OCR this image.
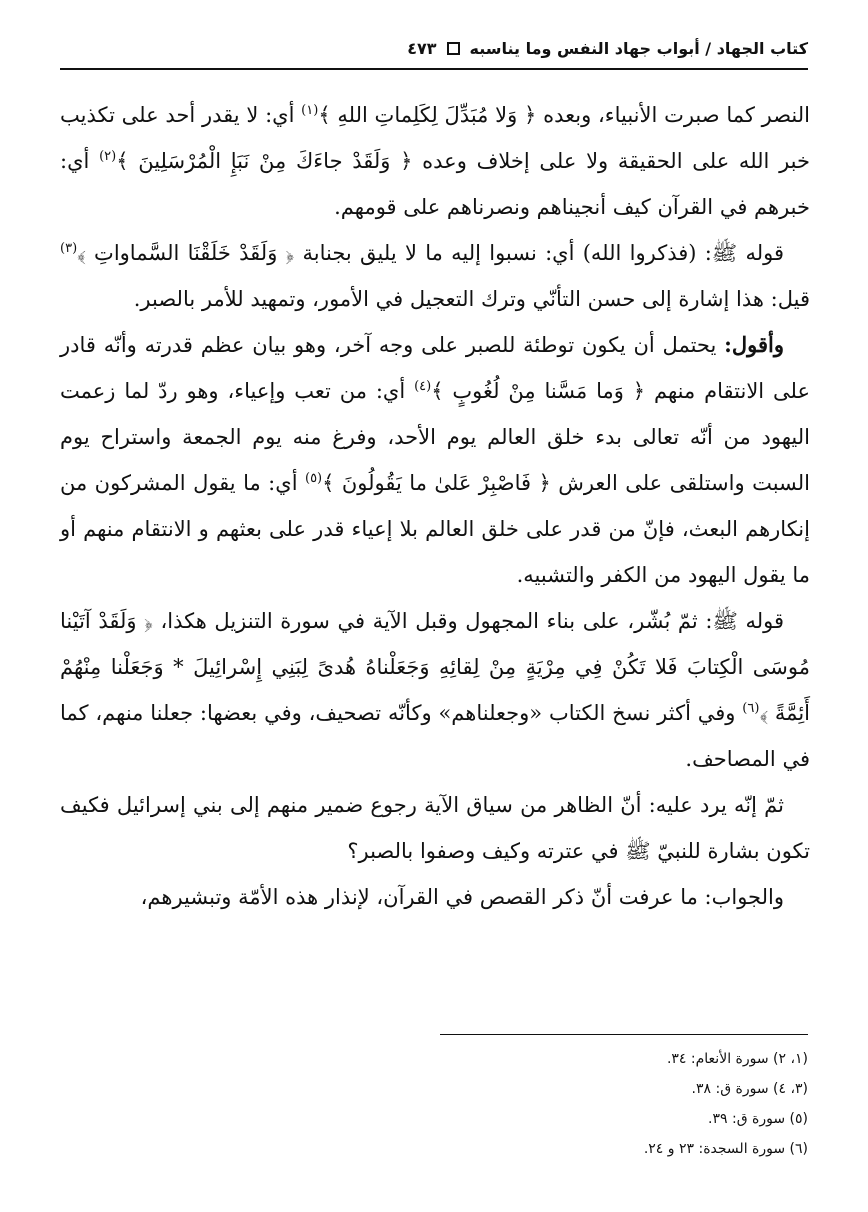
كتاب الجهاد / أبواب جهاد النفس وما يناسبه
٤٧٣

النصر كما صبرت الأنبياء، وبعده ﴿ وَلا مُبَدِّلَ لِكَلِماتِ اللهِ ﴾$^{(١)}$ أي: لا يقدر أحد على تكذيب خبر الله على الحقيقة ولا على إخلاف وعده ﴿ وَلَقَدْ جاءَكَ مِنْ نَبَإِ الْمُرْسَلِينَ ﴾$^{(٢)}$ أي: خبرهم في القرآن كيف أنجيناهم ونصرناهم على قومهم.

قوله ﷺ: (فذكروا الله) أي: نسبوا إليه ما لا يليق بجنابة ﴿ وَلَقَدْ خَلَقْنَا السَّماواتِ ﴾$^{(٣)}$ قيل: هذا إشارة إلى حسن التأنّي وترك التعجيل في الأمور، وتمهيد للأمر بالصبر.

وأقول: يحتمل أن يكون توطئة للصبر على وجه آخر، وهو بيان عظم قدرته وأنّه قادر على الانتقام منهم ﴿ وَما مَسَّنا مِنْ لُغُوبٍ ﴾$^{(٤)}$ أي: من تعب وإعياء، وهو ردّ لما زعمت اليهود من أنّه تعالى بدء خلق العالم يوم الأحد، وفرغ منه يوم الجمعة واستراح يوم السبت واستلقى على العرش ﴿ فَاصْبِرْ عَلىٰ ما يَقُولُونَ ﴾$^{(٥)}$ أي: ما يقول المشركون من إنكارهم البعث، فإنّ من قدر على خلق العالم بلا إعياء قدر على بعثهم و الانتقام منهم أو ما يقول اليهود من الكفر والتشبيه.

قوله ﷺ: ثمّ بُشّر، على بناء المجهول وقبل الآية في سورة التنزيل هكذا، ﴿ وَلَقَدْ آتَيْنا مُوسَى الْكِتابَ فَلا تَكُنْ فِي مِرْيَةٍ مِنْ لِقائِهِ وَجَعَلْناهُ هُدىً لِبَنِي إِسْرائِيلَ * وَجَعَلْنا مِنْهُمْ أَئِمَّةً ﴾$^{(٦)}$ وفي أكثر نسخ الكتاب «وجعلناهم» وكأنّه تصحيف، وفي بعضها: جعلنا منهم، كما في المصاحف.

ثمّ إنّه يرد عليه: أنّ الظاهر من سياق الآية رجوع ضمير منهم إلى بني إسرائيل فكيف تكون بشارة للنبيّ ﷺ في عترته وكيف وصفوا بالصبر؟

والجواب: ما عرفت أنّ ذكر القصص في القرآن، لإنذار هذه الأمّة وتبشيرهم،

(١، ٢) سورة الأنعام: ٣٤.

(٣، ٤) سورة ق: ٣٨.

(٥) سورة ق: ٣٩.

(٦) سورة السجدة: ٢٣ و ٢٤.
